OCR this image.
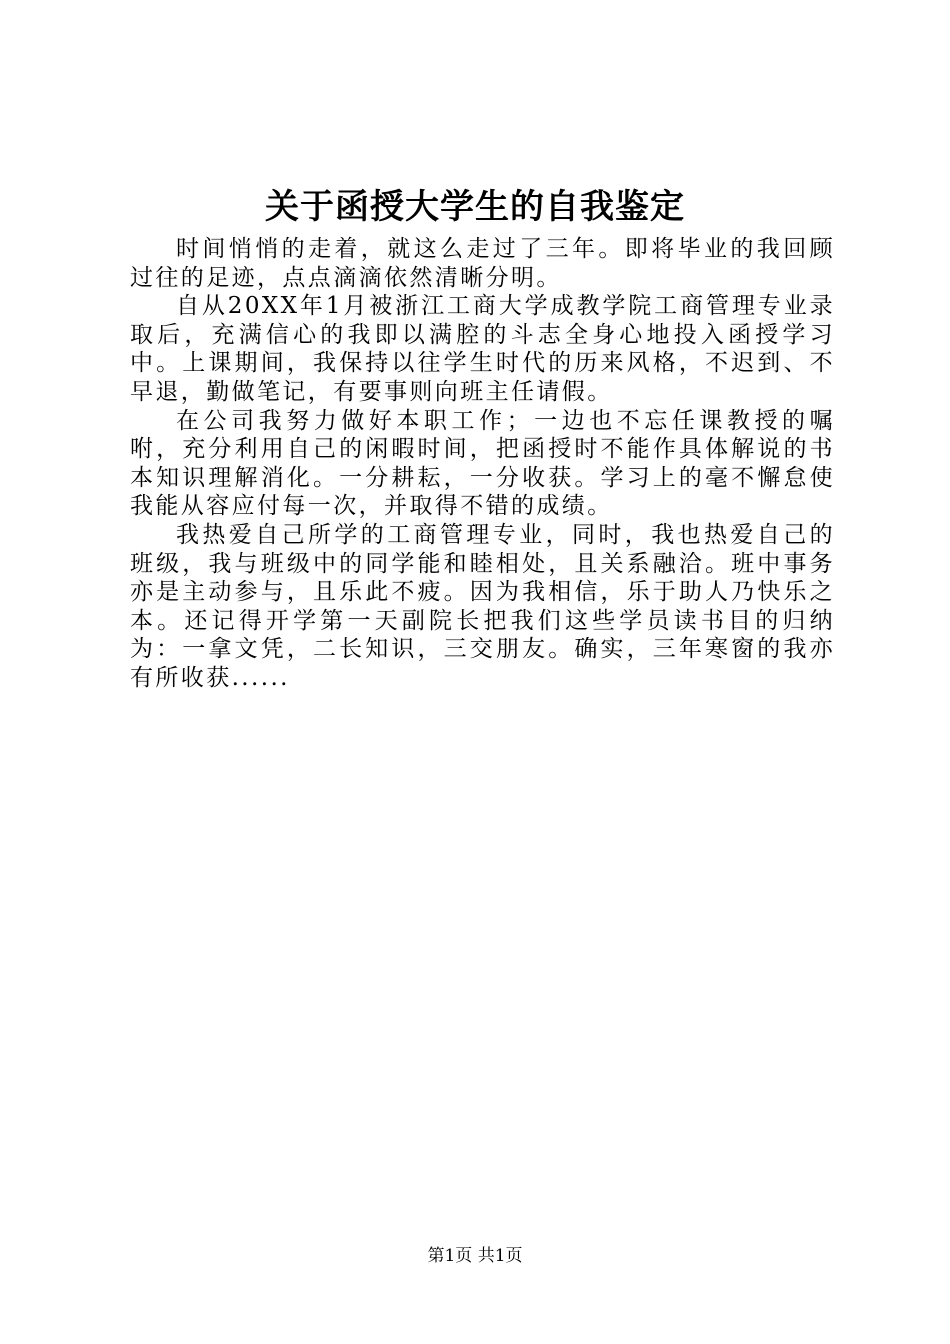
关于函授大学生的自我鉴定

时间悄悄的走着，就这么走过了三年。即将毕业的我回顾过往的足迹，点点滴滴依然清晰分明。

自从20XX年1月被浙江工商大学成教学院工商管理专业录取后，充满信心的我即以满腔的斗志全身心地投入函授学习中。上课期间，我保持以往学生时代的历来风格，不迟到、不早退，勤做笔记，有要事则向班主任请假。

在公司我努力做好本职工作；一边也不忘任课教授的嘱咐，充分利用自己的闲暇时间，把函授时不能作具体解说的书本知识理解消化。一分耕耘，一分收获。学习上的毫不懈怠使我能从容应付每一次，并取得不错的成绩。

我热爱自己所学的工商管理专业，同时，我也热爱自己的班级，我与班级中的同学能和睦相处，且关系融洽。班中事务亦是主动参与，且乐此不疲。因为我相信，乐于助人乃快乐之本。还记得开学第一天副院长把我们这些学员读书目的归纳为：一拿文凭，二长知识，三交朋友。确实，三年寒窗的我亦有所收获......

第1页 共1页
